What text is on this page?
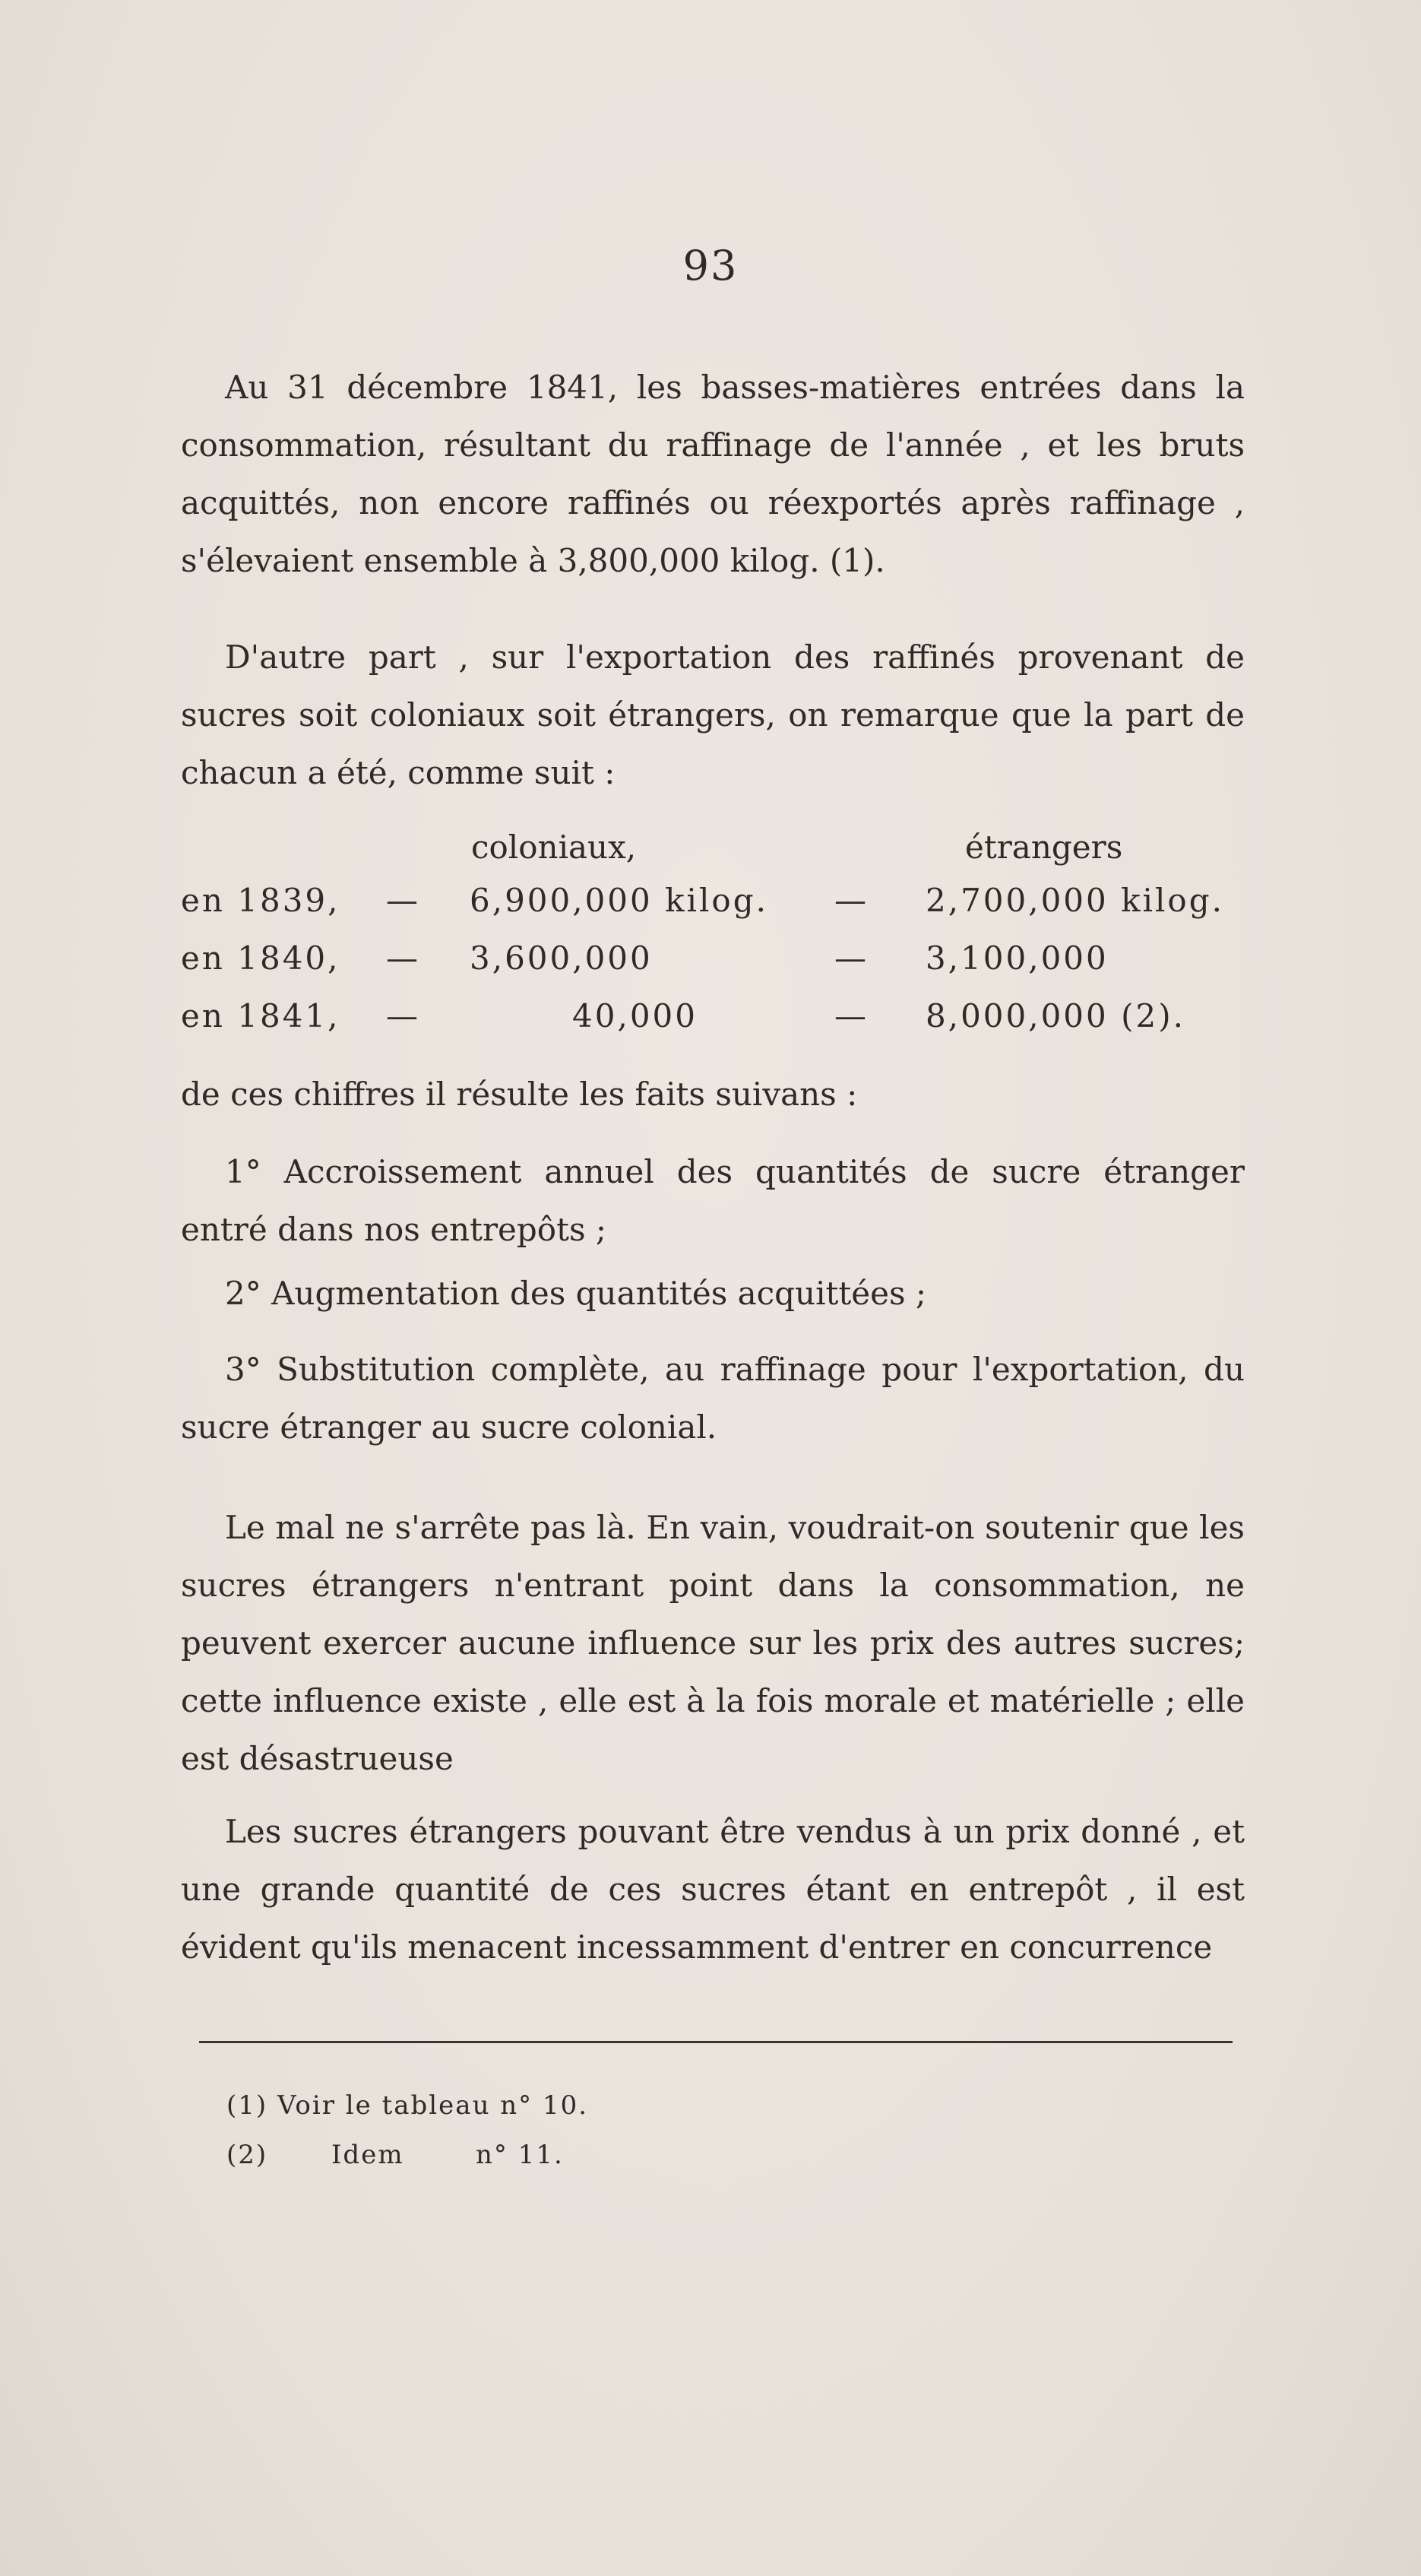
93

Au 31 décembre 1841, les basses-matières entrées dans la consommation, résultant du raffinage de l'année , et les bruts acquittés, non encore raffinés ou réexportés après raffinage , s'élevaient ensemble à 3,800,000 kilog. (1).

D'autre part , sur l'exportation des raffinés provenant de sucres soit coloniaux soit étrangers, on remarque que la part de chacun a été, comme suit :

coloniaux,	étrangers
en 1839, — 6,900,000 kilog.	— 2,700,000 kilog.
en 1840, — 3,600,000	— 3,100,000
en 1841, —	40,000	— 8,000,000 (2).

de ces chiffres il résulte les faits suivans :

1° Accroissement annuel des quantités de sucre étranger entré dans nos entrepôts ;

2° Augmentation des quantités acquittées ;

3° Substitution complète, au raffinage pour l'exportation, du sucre étranger au sucre colonial.

Le mal ne s'arrête pas là. En vain, voudrait-on soutenir que les sucres étrangers n'entrant point dans la consommation, ne peuvent exercer aucune influence sur les prix des autres sucres; cette influence existe , elle est à la fois morale et matérielle ; elle est désastrueuse

Les sucres étrangers pouvant être vendus à un prix donné , et une grande quantité de ces sucres étant en entrepôt , il est évident qu'ils menacent incessamment d'entrer en concurrence

(1) Voir le tableau n° 10.
(2) Idem	n° 11.
